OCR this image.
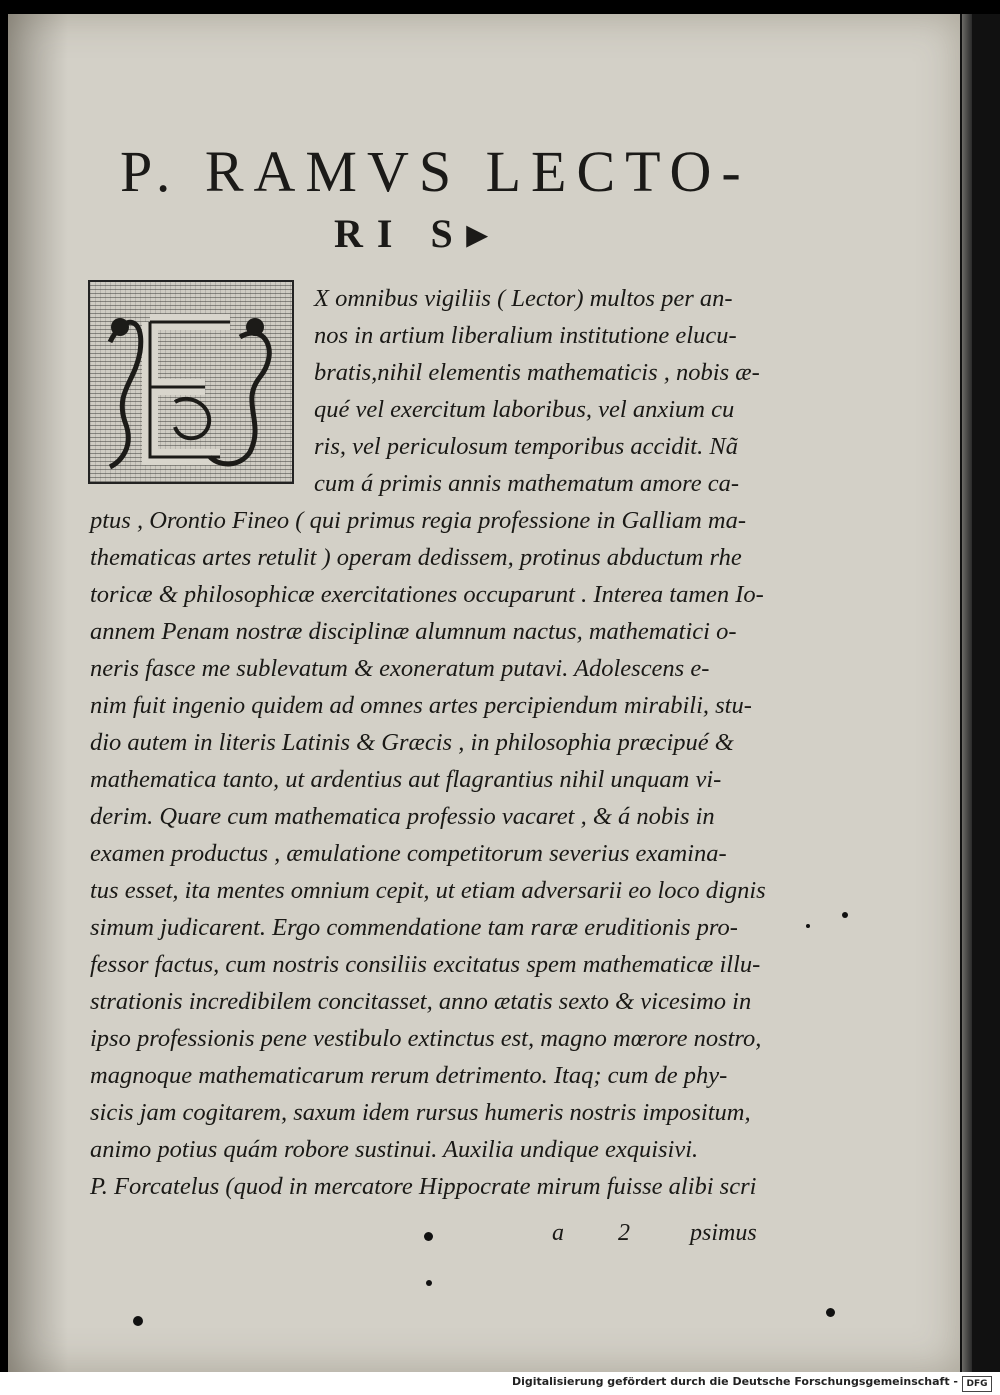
P. RAMVS LECTO-
RI S▸
X omnibus vigiliis ( Lector) multos per an-
nos in artium liberalium institutione elucu-
bratis,nihil elementis mathematicis , nobis æ-
qué vel exercitum laboribus, vel anxium cu
ris, vel periculosum temporibus accidit. Nã
cum á primis annis mathematum amore ca-
ptus , Orontio Fineo ( qui primus regia professione in Galliam ma-
thematicas artes retulit ) operam dedissem, protinus abductum rhe
toricæ & philosophicæ exercitationes occuparunt . Interea tamen Io-
annem Penam nostræ disciplinæ alumnum nactus, mathematici o-
neris fasce me sublevatum & exoneratum putavi. Adolescens e-
nim fuit ingenio quidem ad omnes artes percipiendum mirabili, stu-
dio autem in literis Latinis & Græcis , in philosophia præcipué &
mathematica tanto, ut ardentius aut flagrantius nihil unquam vi-
derim. Quare cum mathematica professio vacaret , & á nobis in
examen productus , æmulatione competitorum severius examina-
tus esset, ita mentes omnium cepit, ut etiam adversarii eo loco dignis
simum judicarent. Ergo commendatione tam raræ eruditionis pro-
fessor factus, cum nostris consiliis excitatus spem mathematicæ illu-
strationis incredibilem concitasset, anno ætatis sexto & vicesimo in
ipso professionis pene vestibulo extinctus est, magno mœrore nostro,
magnoque mathematicarum rerum detrimento. Itaq; cum de phy-
sicis jam cogitarem, saxum idem rursus humeris nostris impositum,
animo potius quám robore sustinui. Auxilia undique exquisivi.
P. Forcatelus (quod in mercatore Hippocrate mirum fuisse alibi scri
a 2	psimus
Digitalisierung gefördert durch die Deutsche Forschungsgemeinschaft - DFG
